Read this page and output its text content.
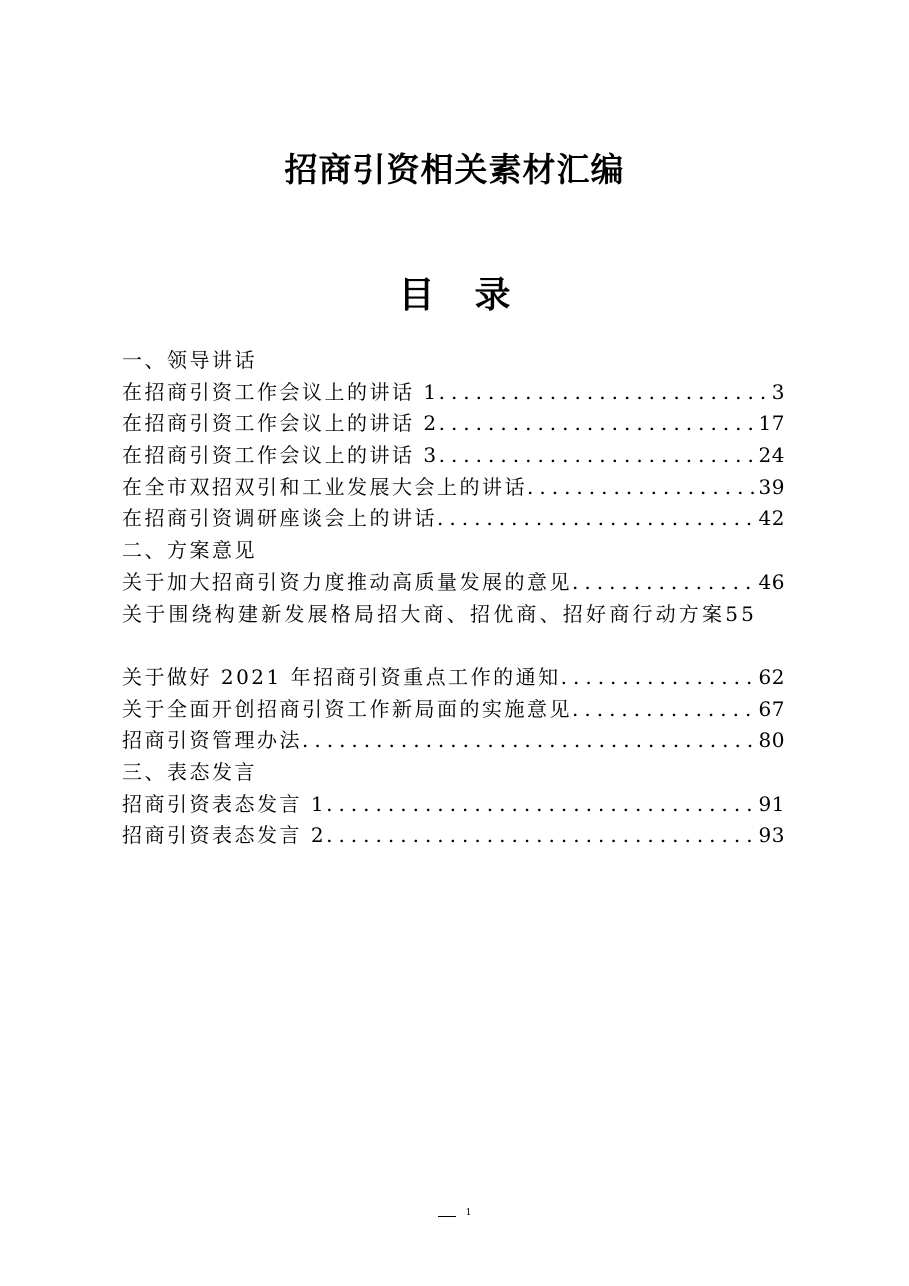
招商引资相关素材汇编
目 录
一、领导讲话
在招商引资工作会议上的讲话 1 .....	3
在招商引资工作会议上的讲话 2 .....	17
在招商引资工作会议上的讲话 3 .....	24
在全市双招双引和工业发展大会上的讲话 .....	39
在招商引资调研座谈会上的讲话 .....	42
二、方案意见
关于加大招商引资力度推动高质量发展的意见 .....	46
关于围绕构建新发展格局招大商、招优商、招好商行动方案55
关于做好 2021 年招商引资重点工作的通知 .....	62
关于全面开创招商引资工作新局面的实施意见 .....	67
招商引资管理办法 .....	80
三、表态发言
招商引资表态发言 1 .....	91
招商引资表态发言 2 .....	93
$^1$
